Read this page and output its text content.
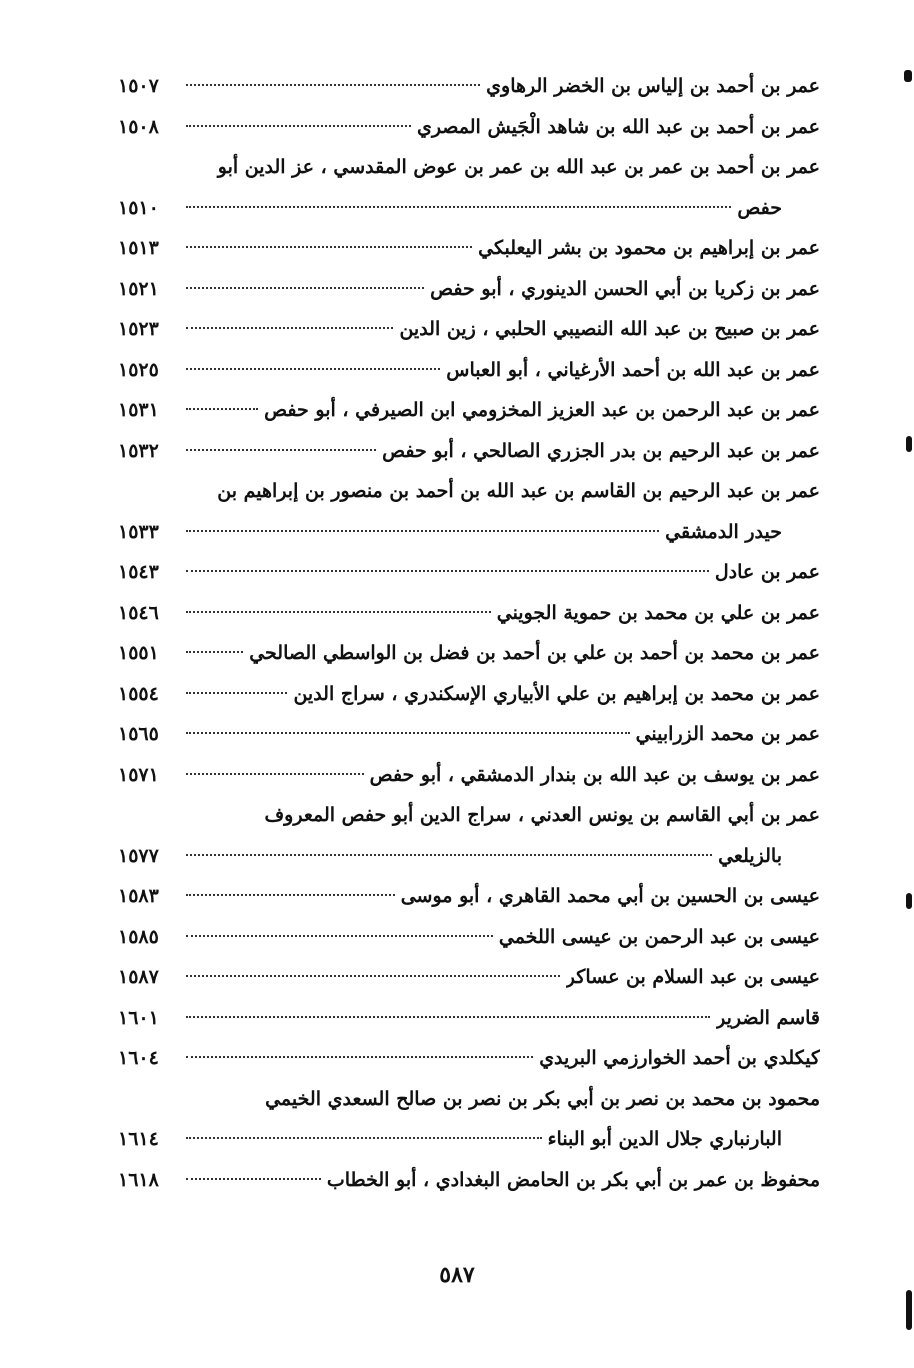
عمر بن أحمد بن إلياس بن الخضر الرهاوي
١٥٠٧
عمر بن أحمد بن عبد الله بن شاهد الْجَيش المصري
١٥٠٨
عمر بن أحمد بن عمر بن عبد الله بن عمر بن عوض المقدسي ، عز الدين أبو
حفص
١٥١٠
عمر بن إبراهيم بن محمود بن بشر اليعلبكي
١٥١٣
عمر بن زكريا بن أبي الحسن الدينوري ، أبو حفص
١٥٢١
عمر بن صبيح بن عبد الله النصيبي الحلبي ، زين الدين
١٥٢٣
عمر بن عبد الله بن أحمد الأرغياني ، أبو العباس
١٥٢٥
عمر بن عبد الرحمن بن عبد العزيز المخزومي ابن الصيرفي ، أبو حفص
١٥٣١
عمر بن عبد الرحيم بن بدر الجزري الصالحي ، أبو حفص
١٥٣٢
عمر بن عبد الرحيم بن القاسم بن عبد الله بن أحمد بن منصور بن إبراهيم بن
حيدر الدمشقي
١٥٣٣
عمر بن عادل
١٥٤٣
عمر بن علي بن محمد بن حموية الجويني
١٥٤٦
عمر بن محمد بن أحمد بن علي بن أحمد بن فضل بن الواسطي الصالحي
١٥٥١
عمر بن محمد بن إبراهيم بن علي الأبياري الإسكندري ، سراج الدين
١٥٥٤
عمر بن محمد الزرابيني
١٥٦٥
عمر بن يوسف بن عبد الله بن بندار الدمشقي ، أبو حفص
١٥٧١
عمر بن أبي القاسم بن يونس العدني ، سراج الدين أبو حفص المعروف
بالزيلعي
١٥٧٧
عيسى بن الحسين بن أبي محمد القاهري ، أبو موسى
١٥٨٣
عيسى بن عبد الرحمن بن عيسى اللخمي
١٥٨٥
عيسى بن عبد السلام بن عساكر
١٥٨٧
قاسم الضرير
١٦٠١
كيكلدي بن أحمد الخوارزمي البريدي
١٦٠٤
محمود بن محمد بن نصر بن أبي بكر بن نصر بن صالح السعدي الخيمي
البارنباري جلال الدين أبو البناء
١٦١٤
محفوظ بن عمر بن أبي بكر بن الحامض البغدادي ، أبو الخطاب
١٦١٨
٥٨٧
